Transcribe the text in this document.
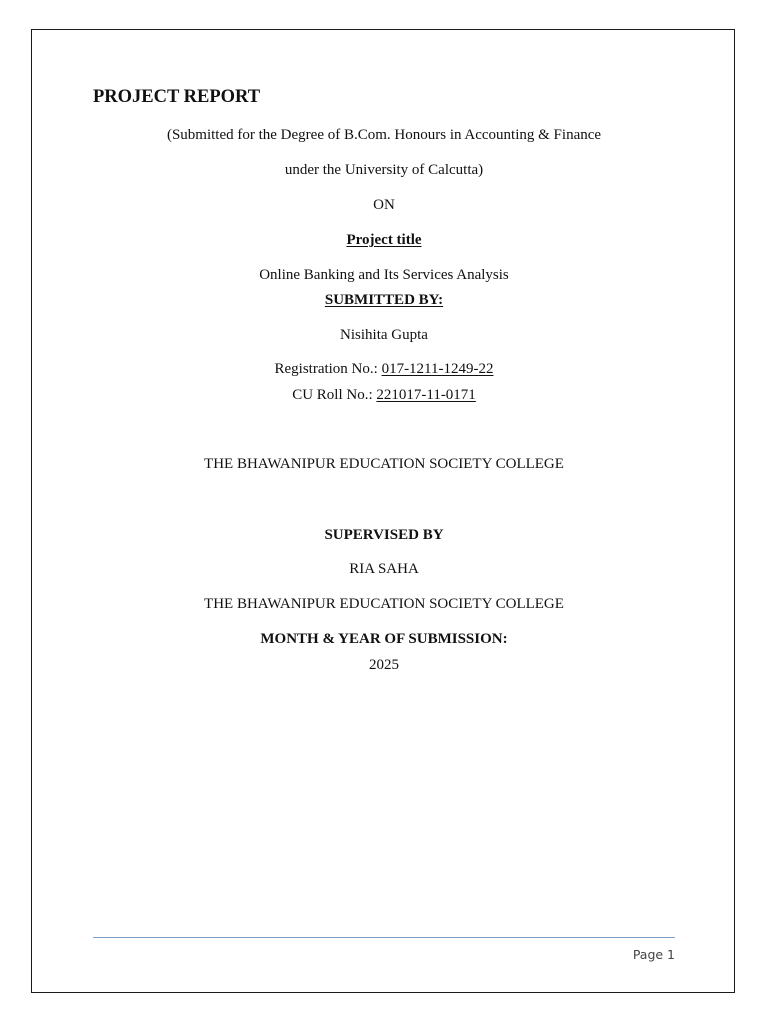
PROJECT REPORT
(Submitted for the Degree of B.Com. Honours in Accounting & Finance
under the University of Calcutta)
ON
Project title
Online Banking and Its Services Analysis
SUBMITTED BY:
Nisihita Gupta
Registration No.: 017-1211-1249-22
CU Roll No.: 221017-11-0171
THE BHAWANIPUR EDUCATION SOCIETY COLLEGE
SUPERVISED BY
RIA SAHA
THE BHAWANIPUR EDUCATION SOCIETY COLLEGE
MONTH & YEAR OF SUBMISSION:
2025
Page 1
